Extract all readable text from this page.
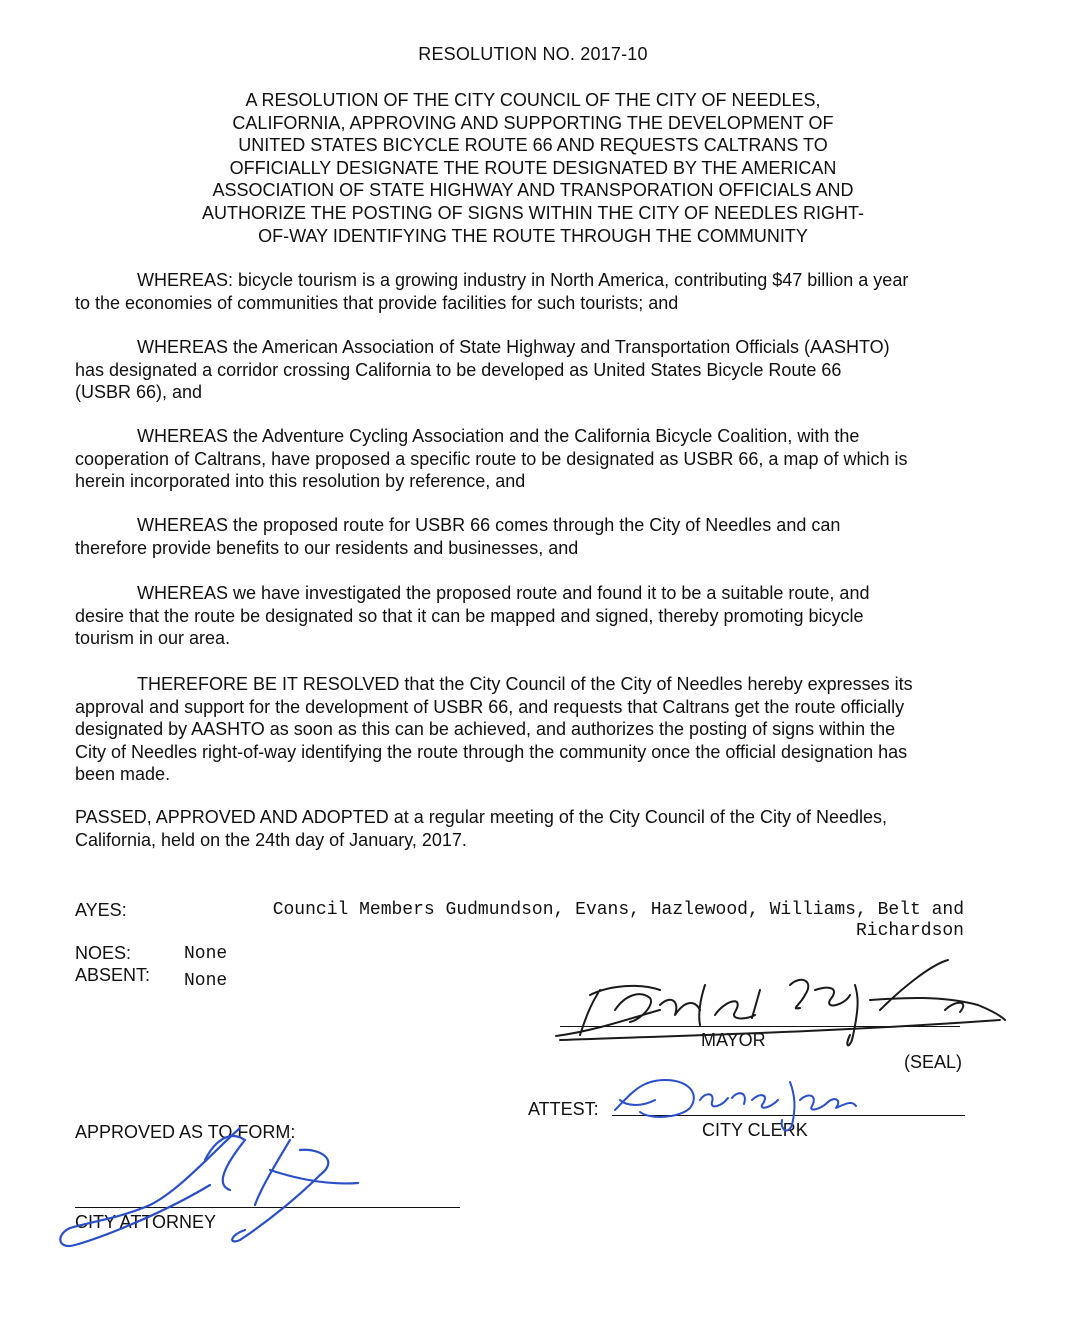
RESOLUTION NO. 2017-10
A RESOLUTION OF THE CITY COUNCIL OF THE CITY OF NEEDLES,
CALIFORNIA, APPROVING AND SUPPORTING THE DEVELOPMENT OF
UNITED STATES BICYCLE ROUTE 66 AND REQUESTS CALTRANS TO
OFFICIALLY DESIGNATE THE ROUTE DESIGNATED BY THE AMERICAN
ASSOCIATION OF STATE HIGHWAY AND TRANSPORATION OFFICIALS AND
AUTHORIZE THE POSTING OF SIGNS WITHIN THE CITY OF NEEDLES RIGHT-
OF-WAY IDENTIFYING THE ROUTE THROUGH THE COMMUNITY
WHEREAS: bicycle tourism is a growing industry in North America, contributing $47 billion a year
to the economies of communities that provide facilities for such tourists; and
WHEREAS the American Association of State Highway and Transportation Officials (AASHTO)
has designated a corridor crossing California to be developed as United States Bicycle Route 66
(USBR 66), and
WHEREAS the Adventure Cycling Association and the California Bicycle Coalition, with the
cooperation of Caltrans, have proposed a specific route to be designated as USBR 66, a map of which is
herein incorporated into this resolution by reference, and
WHEREAS the proposed route for USBR 66 comes through the City of Needles and can
therefore provide benefits to our residents and businesses, and
WHEREAS we have investigated the proposed route and found it to be a suitable route, and
desire that the route be designated so that it can be mapped and signed, thereby promoting bicycle
tourism in our area.
THEREFORE BE IT RESOLVED that the City Council of the City of Needles hereby expresses its
approval and support for the development of USBR 66, and requests that Caltrans get the route officially
designated by AASHTO as soon as this can be achieved, and authorizes the posting of signs within the
City of Needles right-of-way identifying the route through the community once the official designation has
been made.
PASSED, APPROVED AND ADOPTED at a regular meeting of the City Council of the City of Needles,
California, held on the 24th day of January, 2017.
AYES:	Council Members Gudmundson, Evans, Hazlewood, Williams, Belt and
Richardson
NOES:	None
ABSENT: None
MAYOR
(SEAL)
ATTEST:
CITY CLERK
APPROVED AS TO FORM:
CITY ATTORNEY
